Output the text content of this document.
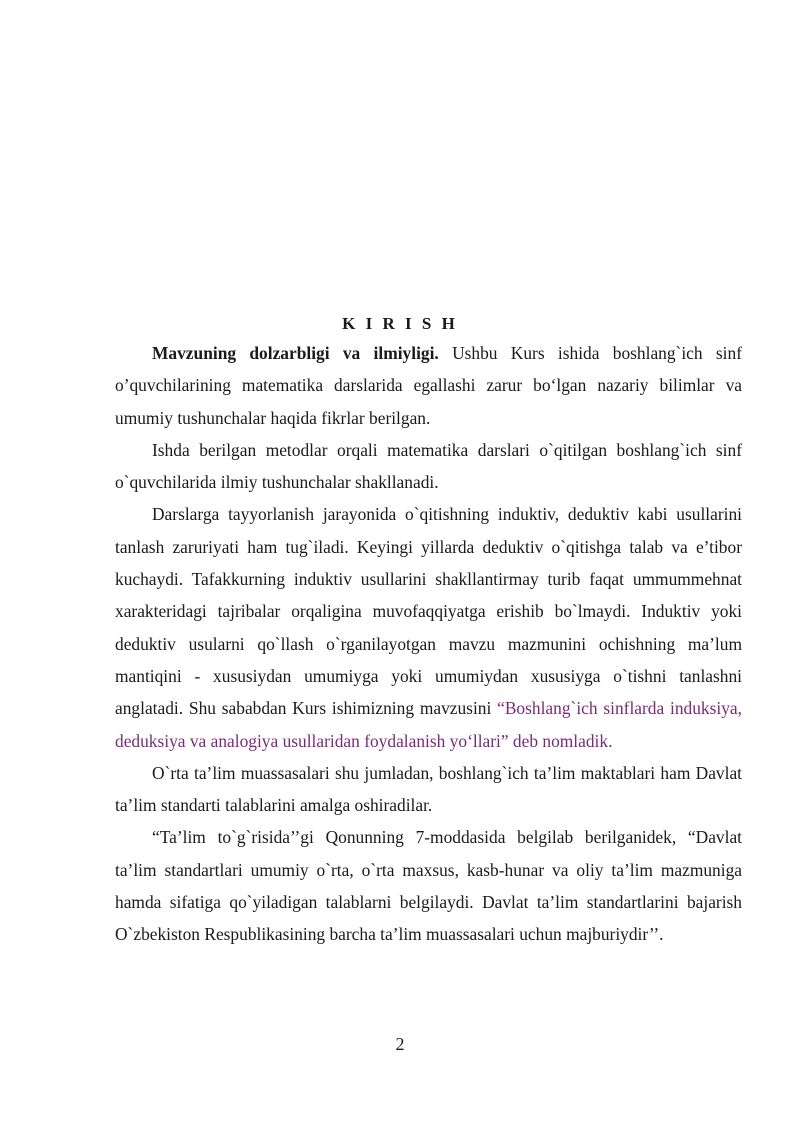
K I R I S H

Mavzuning dolzarbligi va ilmiyligi. Ushbu Kurs ishida boshlang`ich sinf o’quvchilarining matematika darslarida egallashi zarur bo‘lgan nazariy bilimlar va umumiy tushunchalar haqida fikrlar berilgan.

Ishda berilgan metodlar orqali matematika darslari o`qitilgan boshlang`ich sinf o`quvchilarida ilmiy tushunchalar shakllanadi.

Darslarga tayyorlanish jarayonida o`qitishning induktiv, deduktiv kabi usullarini tanlash zaruriyati ham tug`iladi. Keyingi yillarda deduktiv o`qitishga talab va e’tibor kuchaydi. Tafakkurning induktiv usullarini shakllantirmay turib faqat ummummehnat xarakteridagi tajribalar orqaligina muvofaqqiyatga erishib bo`lmaydi. Induktiv yoki deduktiv usularni qo`llash o`rganilayotgan mavzu mazmunini ochishning ma’lum mantiqini - xususiydan umumiyga yoki umumiydan xususiyga o`tishni tanlashni anglatadi. Shu sababdan Kurs ishimizning mavzusini “Boshlang`ich sinflarda induksiya, deduksiya va analogiya usullaridan foydalanish yo‘llari” deb nomladik.

O`rta ta’lim muassasalari shu jumladan, boshlang`ich ta’lim maktablari ham Davlat ta’lim standarti talablarini amalga oshiradilar.

“Ta’lim to`g`risida’’gi Qonunning 7-moddasida belgilab berilganidek, “Davlat ta’lim standartlari umumiy o`rta, o`rta maxsus, kasb-hunar va oliy ta’lim mazmuniga hamda sifatiga qo`yiladigan talablarni belgilaydi. Davlat ta’lim standartlarini bajarish O`zbekiston Respublikasining barcha ta’lim muassasalari uchun majburiydir’’.

2
